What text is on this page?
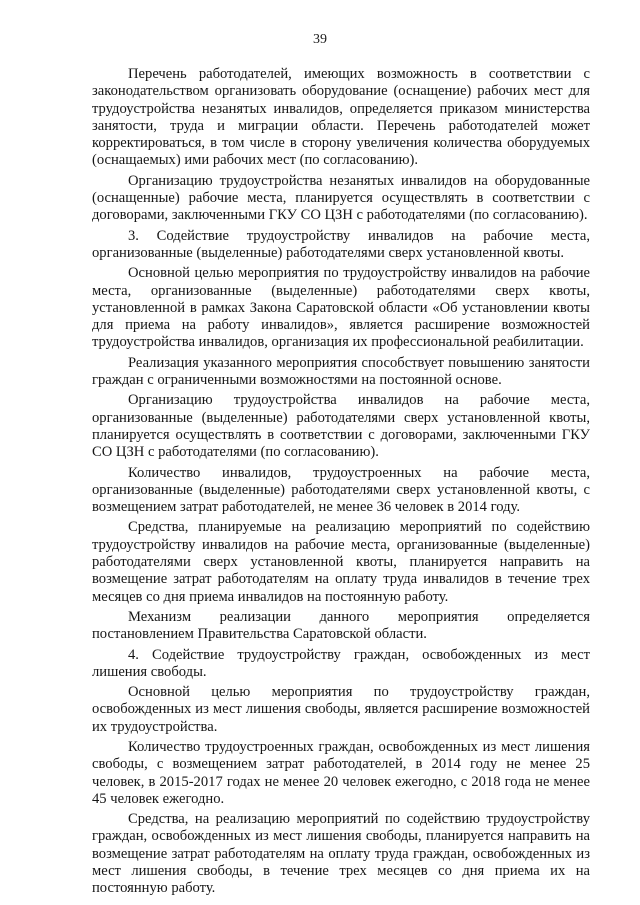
39

Перечень работодателей, имеющих возможность в соответствии с законодательством организовать оборудование (оснащение) рабочих мест для трудоустройства незанятых инвалидов, определяется приказом министерства занятости, труда и миграции области. Перечень работодателей может корректироваться, в том числе в сторону увеличения количества оборудуемых (оснащаемых) ими рабочих мест (по согласованию).

Организацию трудоустройства незанятых инвалидов на оборудованные (оснащенные) рабочие места, планируется осуществлять в соответствии с договорами, заключенными ГКУ СО ЦЗН с работодателями (по согласованию).

3. Содействие трудоустройству инвалидов на рабочие места, организованные (выделенные) работодателями сверх установленной квоты.

Основной целью мероприятия по трудоустройству инвалидов на рабочие места, организованные (выделенные) работодателями сверх квоты, установленной в рамках Закона Саратовской области «Об установлении квоты для приема на работу инвалидов», является расширение возможностей трудоустройства инвалидов, организация их профессиональной реабилитации.

Реализация указанного мероприятия способствует повышению занятости граждан с ограниченными возможностями на постоянной основе.

Организацию трудоустройства инвалидов на рабочие места, организованные (выделенные) работодателями сверх установленной квоты, планируется осуществлять в соответствии с договорами, заключенными ГКУ СО ЦЗН с работодателями (по согласованию).

Количество инвалидов, трудоустроенных на рабочие места, организованные (выделенные) работодателями сверх установленной квоты, с возмещением затрат работодателей, не менее 36 человек в 2014 году.

Средства, планируемые на реализацию мероприятий по содействию трудоустройству инвалидов на рабочие места, организованные (выделенные) работодателями сверх установленной квоты, планируется направить на возмещение затрат работодателям на оплату труда инвалидов в течение трех месяцев со дня приема инвалидов на постоянную работу.

Механизм реализации данного мероприятия определяется постановлением Правительства Саратовской области.

4. Содействие трудоустройству граждан, освобожденных из мест лишения свободы.

Основной целью мероприятия по трудоустройству граждан, освобожденных из мест лишения свободы, является расширение возможностей их трудоустройства.

Количество трудоустроенных граждан, освобожденных из мест лишения свободы, с возмещением затрат работодателей, в 2014 году не менее 25 человек, в 2015-2017 годах не менее 20 человек ежегодно, с 2018 года не менее 45 человек ежегодно.

Средства, на реализацию мероприятий по содействию трудоустройству граждан, освобожденных из мест лишения свободы, планируется направить на возмещение затрат работодателям на оплату труда граждан, освобожденных из мест лишения свободы, в течение трех месяцев со дня приема их на постоянную работу.
